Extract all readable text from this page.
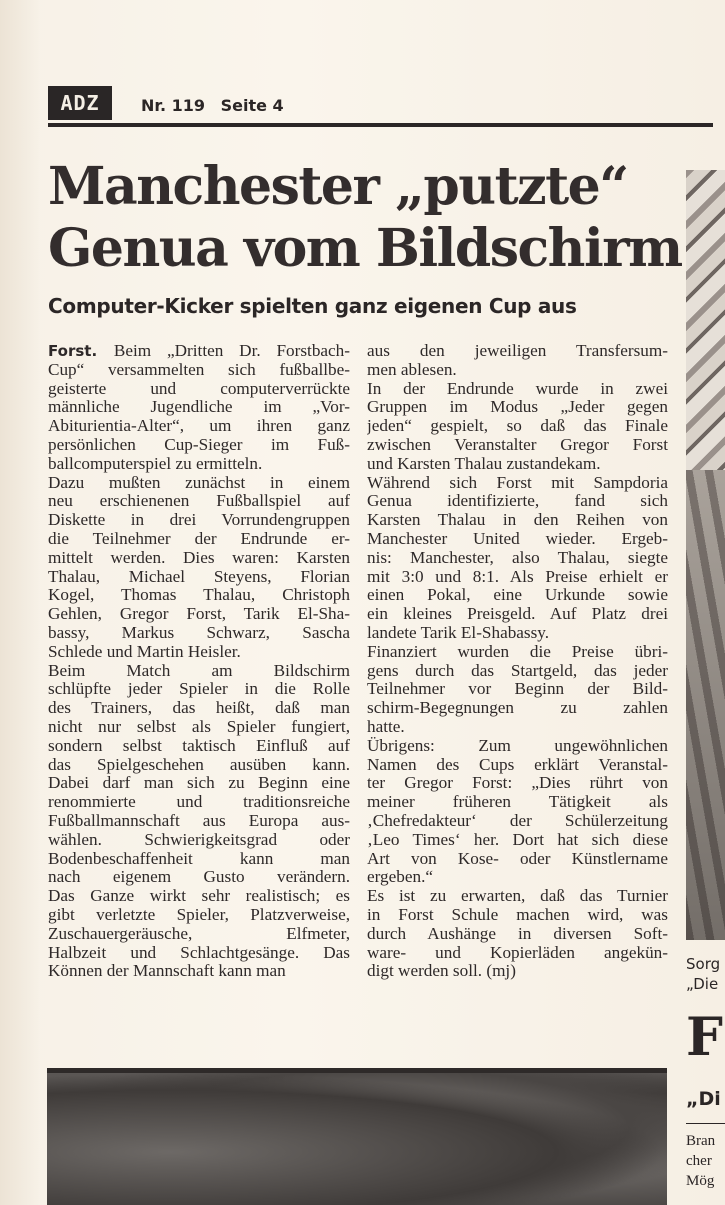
ADZ	Nr. 119 Seite 4
Manchester „putzte“
Genua vom Bildschirm
Computer-Kicker spielten ganz eigenen Cup aus
Forst. Beim „Dritten Dr. Forstbach-
Cup“ versammelten sich fußballbe-
geisterte und computerverrückte
männliche Jugendliche im „Vor-
Abiturientia-Alter“, um ihren ganz
persönlichen Cup-Sieger im Fuß-
ballcomputerspiel zu ermitteln.
Dazu mußten zunächst in einem
neu erschienenen Fußballspiel auf
Diskette in drei Vorrundengruppen
die Teilnehmer der Endrunde er-
mittelt werden. Dies waren: Karsten
Thalau, Michael Steyens, Florian
Kogel, Thomas Thalau, Christoph
Gehlen, Gregor Forst, Tarik El-Sha-
bassy, Markus Schwarz, Sascha
Schlede und Martin Heisler.
Beim Match am Bildschirm
schlüpfte jeder Spieler in die Rolle
des Trainers, das heißt, daß man
nicht nur selbst als Spieler fungiert,
sondern selbst taktisch Einfluß auf
das Spielgeschehen ausüben kann.
Dabei darf man sich zu Beginn eine
renommierte und traditionsreiche
Fußballmannschaft aus Europa aus-
wählen. Schwierigkeitsgrad oder
Bodenbeschaffenheit kann man
nach eigenem Gusto verändern.
Das Ganze wirkt sehr realistisch; es
gibt verletzte Spieler, Platzverweise,
Zuschauergeräusche, Elfmeter,
Halbzeit und Schlachtgesänge. Das
Können der Mannschaft kann man
aus den jeweiligen Transfersum-
men ablesen.
In der Endrunde wurde in zwei
Gruppen im Modus „Jeder gegen
jeden“ gespielt, so daß das Finale
zwischen Veranstalter Gregor Forst
und Karsten Thalau zustandekam.
Während sich Forst mit Sampdoria
Genua identifizierte, fand sich
Karsten Thalau in den Reihen von
Manchester United wieder. Ergeb-
nis: Manchester, also Thalau, siegte
mit 3:0 und 8:1. Als Preise erhielt er
einen Pokal, eine Urkunde sowie
ein kleines Preisgeld. Auf Platz drei
landete Tarik El-Shabassy.
Finanziert wurden die Preise übri-
gens durch das Startgeld, das jeder
Teilnehmer vor Beginn der Bild-
schirm-Begegnungen zu zahlen
hatte.
Übrigens: Zum ungewöhnlichen
Namen des Cups erklärt Veranstal-
ter Gregor Forst: „Dies rührt von
meiner früheren Tätigkeit als
‚Chefredakteur‘ der Schülerzeitung
‚Leo Times‘ her. Dort hat sich diese
Art von Kose- oder Künstlername
ergeben.“
Es ist zu erwarten, daß das Turnier
in Forst Schule machen wird, was
durch Aushänge in diversen Soft-
ware- und Kopierläden angekün-
digt werden soll. (mj)	Sorg
„Die
F
„Di
Bran
cher
Mög
